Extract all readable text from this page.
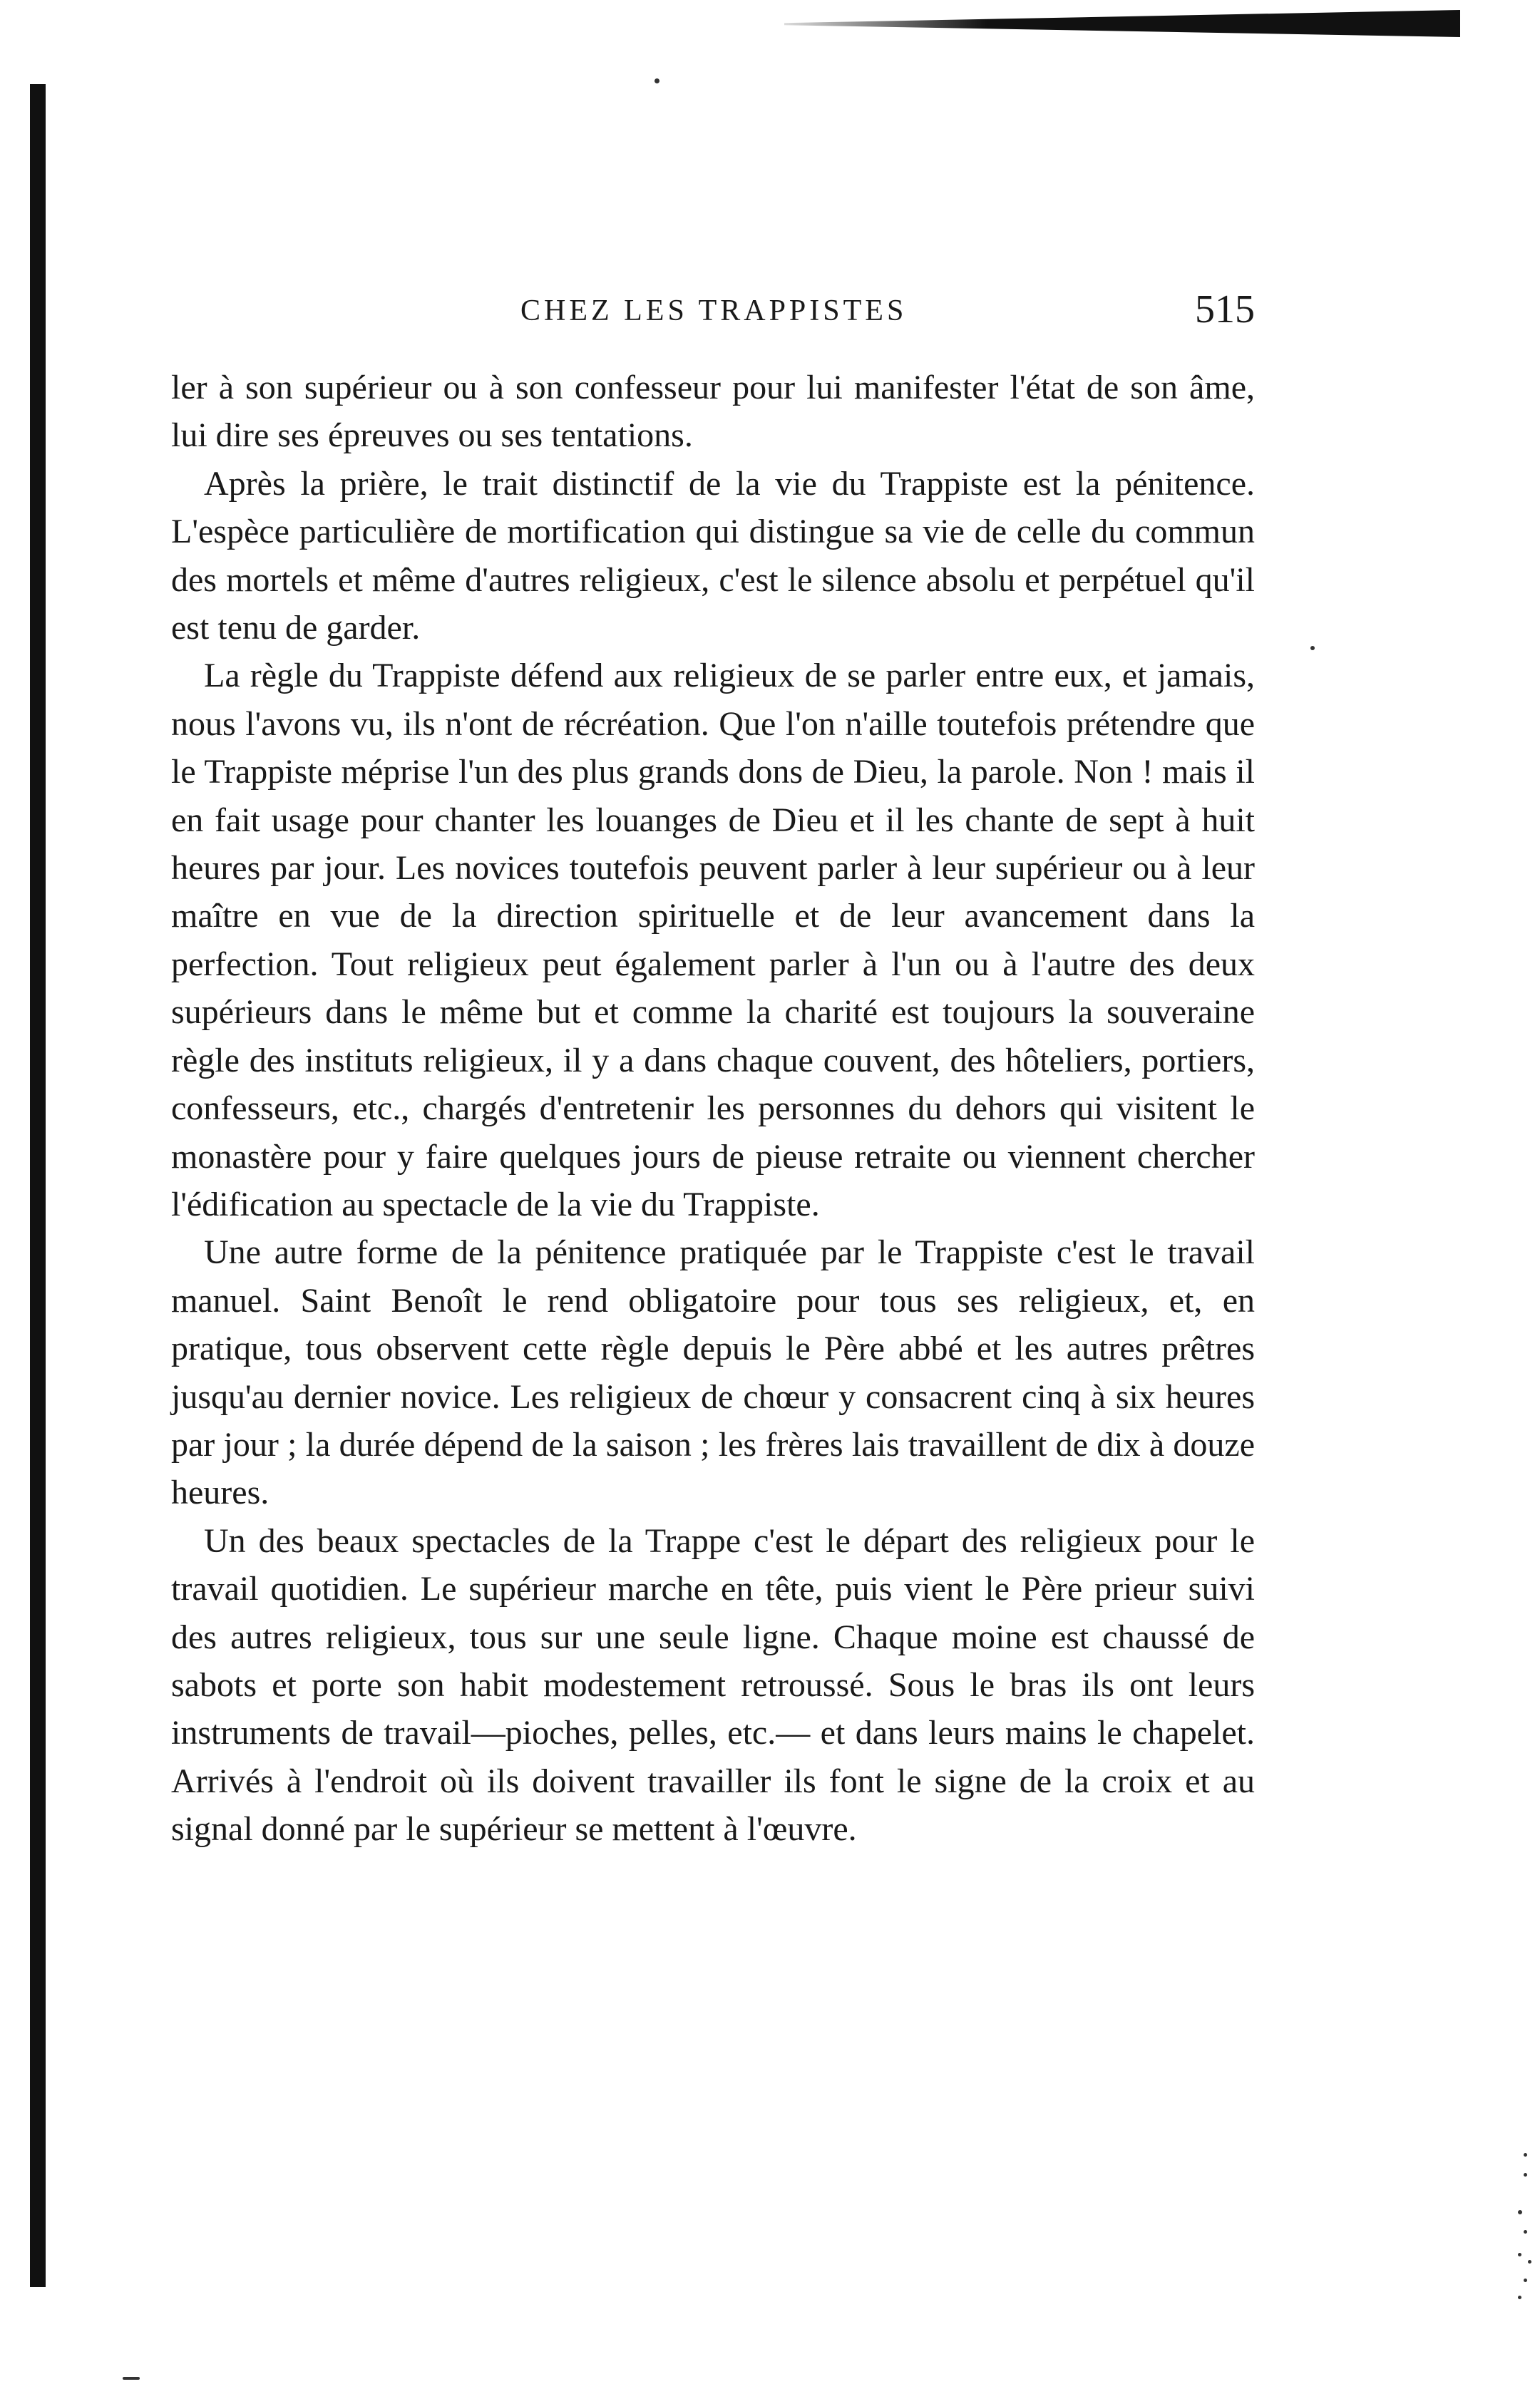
CHEZ LES TRAPPISTES	515

ler à son supérieur ou à son confesseur pour lui manifester l'état de son âme, lui dire ses épreuves ou ses tentations.

Après la prière, le trait distinctif de la vie du Trappiste est la pénitence. L'espèce particulière de mortification qui distingue sa vie de celle du commun des mortels et même d'autres religieux, c'est le silence absolu et perpétuel qu'il est tenu de garder.

La règle du Trappiste défend aux religieux de se parler entre eux, et jamais, nous l'avons vu, ils n'ont de récréation. Que l'on n'aille toutefois prétendre que le Trappiste méprise l'un des plus grands dons de Dieu, la parole. Non ! mais il en fait usage pour chanter les louanges de Dieu et il les chante de sept à huit heures par jour. Les novices toutefois peuvent parler à leur supérieur ou à leur maître en vue de la direction spirituelle et de leur avancement dans la perfection. Tout religieux peut également parler à l'un ou à l'autre des deux supérieurs dans le même but et comme la charité est toujours la souveraine règle des instituts religieux, il y a dans chaque couvent, des hôteliers, portiers, confesseurs, etc., chargés d'entretenir les personnes du dehors qui visitent le monastère pour y faire quelques jours de pieuse retraite ou viennent chercher l'édification au spectacle de la vie du Trappiste.

Une autre forme de la pénitence pratiquée par le Trappiste c'est le travail manuel. Saint Benoît le rend obligatoire pour tous ses religieux, et, en pratique, tous observent cette règle depuis le Père abbé et les autres prêtres jusqu'au dernier novice. Les religieux de chœur y consacrent cinq à six heures par jour ; la durée dépend de la saison ; les frères lais travaillent de dix à douze heures.

Un des beaux spectacles de la Trappe c'est le départ des religieux pour le travail quotidien. Le supérieur marche en tête, puis vient le Père prieur suivi des autres religieux, tous sur une seule ligne. Chaque moine est chaussé de sabots et porte son habit modestement retroussé. Sous le bras ils ont leurs instruments de travail—pioches, pelles, etc.— et dans leurs mains le chapelet. Arrivés à l'endroit où ils doivent travailler ils font le signe de la croix et au signal donné par le supérieur se mettent à l'œuvre.
